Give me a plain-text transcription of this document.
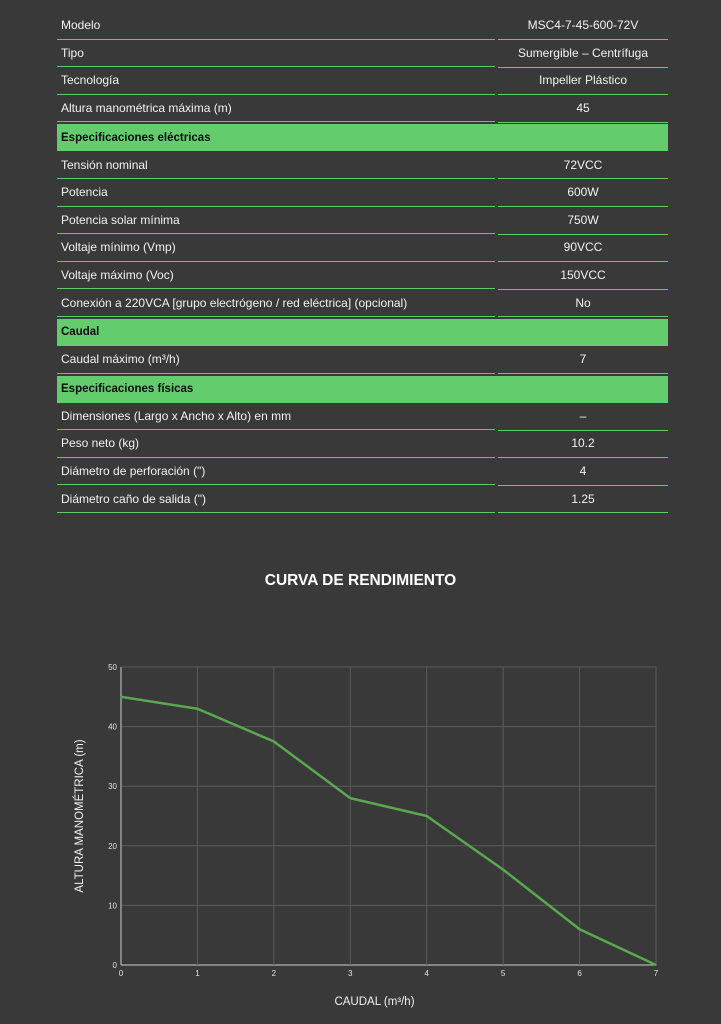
Modelo	MSC4-7-45-600-72V
Tipo	Sumergible – Centrífuga
Tecnología	Impeller Plástico
Altura manométrica máxima (m)	45
Especificaciones eléctricas
Tensión nominal	72VCC
Potencia	600W
Potencia solar mínima	750W
Voltaje mínimo (Vmp)	90VCC
Voltaje máximo (Voc)	150VCC
Conexión a 220VCA [grupo electrógeno / red eléctrica] (opcional)	No
Caudal
Caudal máximo (m³/h)	7
Especificaciones físicas
Dimensiones (Largo x Ancho x Alto) en mm	–
Peso neto (kg)	10.2
Diámetro de perforación (")	4
Diámetro caño de salida (")	1.25
CURVA DE RENDIMIENTO
0
10
20
30
40
50
0	1	2	3	4	5	6	7
CAUDAL (m³/h)
ALTURA MANOMÉTRICA (m)
